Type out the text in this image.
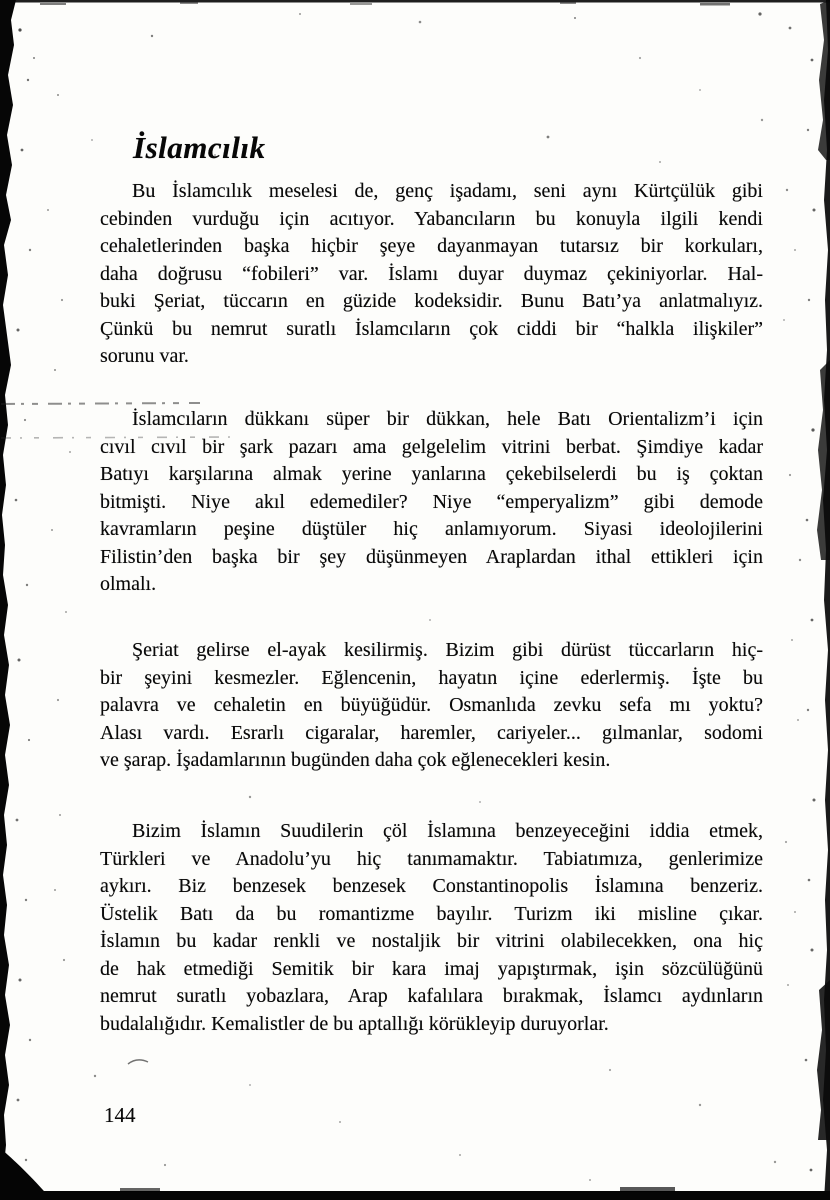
İslamcılık
Bu İslamcılık meselesi de, genç işadamı, seni aynı Kürtçülük gibi
cebinden vurduğu için acıtıyor. Yabancıların bu konuyla ilgili kendi
cehaletlerinden başka hiçbir şeye dayanmayan tutarsız bir korkuları,
daha doğrusu “fobileri” var. İslamı duyar duymaz çekiniyorlar. Hal-
buki Şeriat, tüccarın en güzide kodeksidir. Bunu Batı’ya anlatmalıyız.
Çünkü bu nemrut suratlı İslamcıların çok ciddi bir “halkla ilişkiler”
sorunu var.
İslamcıların dükkanı süper bir dükkan, hele Batı Orientalizm’i için
cıvıl cıvıl bir şark pazarı ama gelgelelim vitrini berbat. Şimdiye kadar
Batıyı karşılarına almak yerine yanlarına çekebilselerdi bu iş çoktan
bitmişti. Niye akıl edemediler? Niye “emperyalizm” gibi demode
kavramların peşine düştüler hiç anlamıyorum. Siyasi ideolojilerini
Filistin’den başka bir şey düşünmeyen Araplardan ithal ettikleri için
olmalı.
Şeriat gelirse el-ayak kesilirmiş. Bizim gibi dürüst tüccarların hiç-
bir şeyini kesmezler. Eğlencenin, hayatın içine ederlermiş. İşte bu
palavra ve cehaletin en büyüğüdür. Osmanlıda zevku sefa mı yoktu?
Alası vardı. Esrarlı cigaralar, haremler, cariyeler... gılmanlar, sodomi
ve şarap. İşadamlarının bugünden daha çok eğlenecekleri kesin.
Bizim İslamın Suudilerin çöl İslamına benzeyeceğini iddia etmek,
Türkleri ve Anadolu’yu hiç tanımamaktır. Tabiatımıza, genlerimize
aykırı. Biz benzesek benzesek Constantinopolis İslamına benzeriz.
Üstelik Batı da bu romantizme bayılır. Turizm iki misline çıkar.
İslamın bu kadar renkli ve nostaljik bir vitrini olabilecekken, ona hiç
de hak etmediği Semitik bir kara imaj yapıştırmak, işin sözcülüğünü
nemrut suratlı yobazlara, Arap kafalılara bırakmak, İslamcı aydınların
budalalığıdır. Kemalistler de bu aptallığı körükleyip duruyorlar.
144
